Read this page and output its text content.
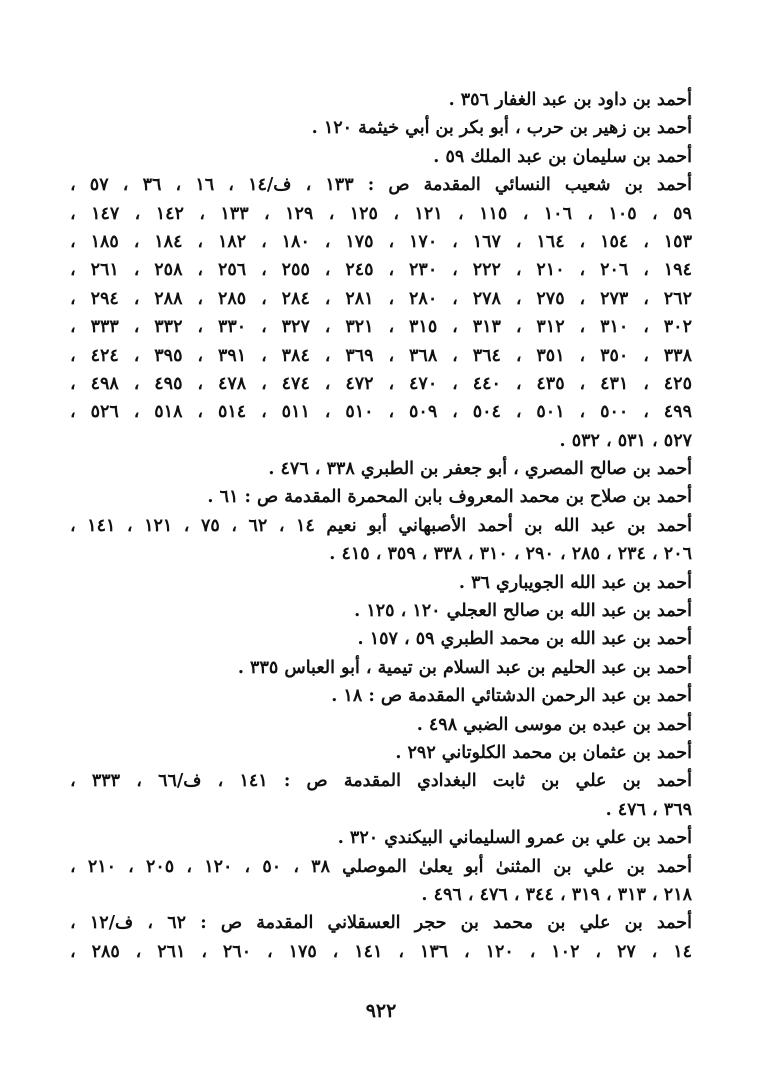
أحمد بن داود بن عبد الغفار ٣٥٦ .
أحمد بن زهير بن حرب ، أبو بكر بن أبي خيثمة ١٢٠ .
أحمد بن سليمان بن عبد الملك ٥٩ .
أحمد بن شعيب النسائي المقدمة ص : ١٣٣ ، ف/١٤ ، ١٦ ، ٣٦ ، ٥٧ ،
٥٩ ، ١٠٥ ، ١٠٦ ، ١١٥ ، ١٢١ ، ١٢٥ ، ١٢٩ ، ١٣٣ ، ١٤٢ ، ١٤٧ ،
١٥٣ ، ١٥٤ ، ١٦٤ ، ١٦٧ ، ١٧٠ ، ١٧٥ ، ١٨٠ ، ١٨٢ ، ١٨٤ ، ١٨٥ ،
١٩٤ ، ٢٠٦ ، ٢١٠ ، ٢٢٢ ، ٢٣٠ ، ٢٤٥ ، ٢٥٥ ، ٢٥٦ ، ٢٥٨ ، ٢٦١ ،
٢٦٢ ، ٢٧٣ ، ٢٧٥ ، ٢٧٨ ، ٢٨٠ ، ٢٨١ ، ٢٨٤ ، ٢٨٥ ، ٢٨٨ ، ٢٩٤ ،
٣٠٢ ، ٣١٠ ، ٣١٢ ، ٣١٣ ، ٣١٥ ، ٣٢١ ، ٣٢٧ ، ٣٣٠ ، ٣٣٢ ، ٣٣٣ ،
٣٣٨ ، ٣٥٠ ، ٣٥١ ، ٣٦٤ ، ٣٦٨ ، ٣٦٩ ، ٣٨٤ ، ٣٩١ ، ٣٩٥ ، ٤٢٤ ،
٤٢٥ ، ٤٣١ ، ٤٣٥ ، ٤٤٠ ، ٤٧٠ ، ٤٧٢ ، ٤٧٤ ، ٤٧٨ ، ٤٩٥ ، ٤٩٨ ،
٤٩٩ ، ٥٠٠ ، ٥٠١ ، ٥٠٤ ، ٥٠٩ ، ٥١٠ ، ٥١١ ، ٥١٤ ، ٥١٨ ، ٥٢٦ ،
٥٢٧ ، ٥٣١ ، ٥٣٢ .
أحمد بن صالح المصري ، أبو جعفر بن الطبري ٣٣٨ ، ٤٧٦ .
أحمد بن صلاح بن محمد المعروف بابن المحمرة المقدمة ص : ٦١ .
أحمد بن عبد الله بن أحمد الأصبهاني أبو نعيم ١٤ ، ٦٢ ، ٧٥ ، ١٢١ ، ١٤١ ،
٢٠٦ ، ٢٣٤ ، ٢٨٥ ، ٢٩٠ ، ٣١٠ ، ٣٣٨ ، ٣٥٩ ، ٤١٥ .
أحمد بن عبد الله الجويباري ٣٦ .
أحمد بن عبد الله بن صالح العجلي ١٢٠ ، ١٢٥ .
أحمد بن عبد الله بن محمد الطبري ٥٩ ، ١٥٧ .
أحمد بن عبد الحليم بن عبد السلام بن تيمية ، أبو العباس ٣٣٥ .
أحمد بن عبد الرحمن الدشتائي المقدمة ص : ١٨ .
أحمد بن عبده بن موسى الضبي ٤٩٨ .
أحمد بن عثمان بن محمد الكلوتاني ٢٩٢ .
أحمد بن علي بن ثابت البغدادي المقدمة ص : ١٤١ ، ف/٦٦ ، ٣٣٣ ،
٣٦٩ ، ٤٧٦ .
أحمد بن علي بن عمرو السليماني البيكندي ٣٢٠ .
أحمد بن علي بن المثنىٰ أبو يعلىٰ الموصلي ٣٨ ، ٥٠ ، ١٢٠ ، ٢٠٥ ، ٢١٠ ،
٢١٨ ، ٣١٣ ، ٣١٩ ، ٣٤٤ ، ٤٧٦ ، ٤٩٦ .
أحمد بن علي بن محمد بن حجر العسقلاني المقدمة ص : ٦٢ ، ف/١٢ ،
١٤ ، ٢٧ ، ١٠٢ ، ١٢٠ ، ١٣٦ ، ١٤١ ، ١٧٥ ، ٢٦٠ ، ٢٦١ ، ٢٨٥ ،
٩٢٢
